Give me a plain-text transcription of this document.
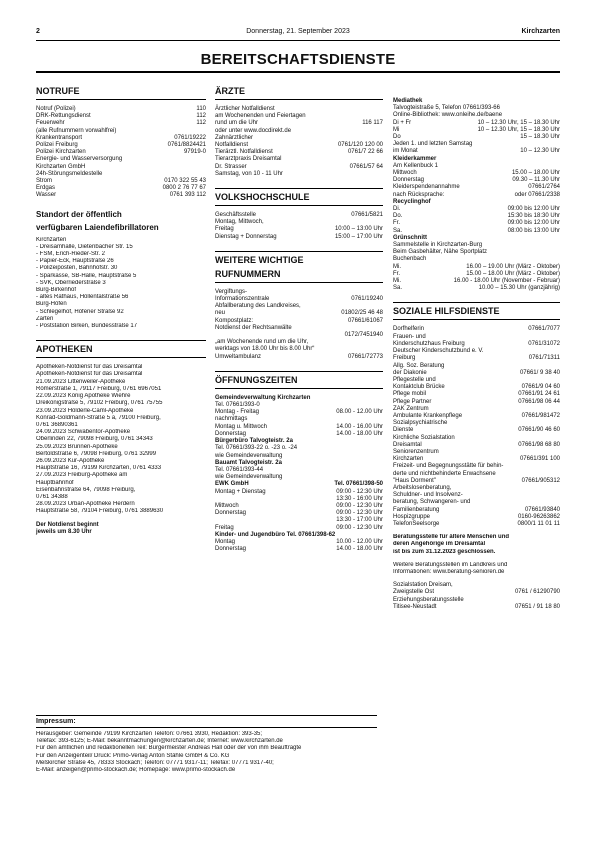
2	Donnerstag, 21. September 2023	Kirchzarten
BEREITSCHAFTSDIENSTE
NOTRUFE
Notruf (Polizei)	110
DRK-Rettungsdienst	112
Feuerwehr	112
(alle Rufnummern vorwahlfrei)
Krankentransport	0761/19222
Polizei Freiburg	0761/8824421
Polizei Kirchzarten	97919-0
Energie- und Wasserversorgung
Kirchzarten GmbH
24h-Störungsmeldestelle
Strom	0170 322 55 43
Erdgas	0800 2 76 77 67
Wasser	0761 393 112
Standort der öffentlich
verfügbaren Laiendefibrillatoren
Kirchzarten
- Dreisamhalle, Dietenbacher Str. 15
- FSM, Erich-Rieder-Str. 2
- Papier-Eck, Hauptstraße 26
- Polizeiposten, Bahnhofstr. 30
- Sparkasse, SB-Halle, Hauptstraße 5
- SVK, Oberriederstraße 3
Burg-Birkenhof
- altes Rathaus, Höllentalstraße 56
Burg-Höfen
- Schlegelhof, Höfener Straße 92
Zarten
- Poststation Birken, Bundesstraße 17
APOTHEKEN
Apotheken-Notdienst für das Dreisamtal
Apotheken-Notdienst für das Dreisamtal
21.09.2023 Littenweiler-Apotheke
Römerstraße 1, 79117 Freiburg, 0761 6967051
22.09.2023 König Apotheke Wiehre
Dreikönigstraße 5, 79102 Freiburg, 0761 75755
23.09.2023 Hölderle-Caml-Apotheke
Konrad-Goldmann-Straße 5 a, 79100 Freiburg,
0761 36890361
24.09.2023 Schwabentor-Apotheke
Oberlinden 22, 79098 Freiburg, 0761 34343
25.09.2023 Brunnen-Apotheke
Bertoldstraße 6, 79098 Freiburg, 0761 32999
26.09.2023 Kur-Apotheke
Hauptstraße 16, 79199 Kirchzarten, 0761 4333
27.09.2023 Freiburg-Apotheke am
Hauptbahnhof
Eisenbahnstraße 64, 79098 Freiburg,
0761 34388
28.09.2023 Urban-Apotheke Herdern
Hauptstraße 58, 79104 Freiburg, 0761 3889630
Der Notdienst beginnt
jeweils um 8.30 Uhr
ÄRZTE
Ärztlicher Notfalldienst
am Wochenenden und Feiertagen
rund um die Uhr	116 117
oder unter www.docdirekt.de
Zahnärztlicher
Notfalldienst	0761/120 120 00
Tierärztl. Notfalldienst	0761/7 22 66
Tierarztpraxis Dreisamtal
Dr. Strasser	07661/57 64
Samstag, von 10 - 11 Uhr
VOLKSHOCHSCHULE
Geschäftsstelle	07661/5821
Montag, Mittwoch,
Freitag	10:00 – 13:00 Uhr
Dienstag + Donnerstag	15:00 – 17:00 Uhr
WEITERE WICHTIGE
RUFNUMMERN
Vergiftungs-
Informationszentrale	0761/19240
Abfallberatung des Landkreises,
neu	01802/25 46 48
Kompostplatz:	07661/61067
Notdienst der Rechtsanwälte
0172/7451940
„am Wochenende rund um die Uhr,
werktags von 18.00 Uhr bis 8.00 Uhr“
Umweltambulanz	07661/72773
ÖFFNUNGSZEITEN
Gemeindeverwaltung Kirchzarten
Tel. 07661/393-0
Montag - Freitag	08.00 - 12.00 Uhr
nachmittags
Montag u. Mittwoch	14.00 - 16.00 Uhr
Donnerstag	14.00 - 18.00 Uhr
Bürgerbüro Talvogteistr. 2a
Tel. 07661/393-22 o. -23 o. -24
wie Gemeindeverwaltung
Bauamt Talvogteistr. 2a
Tel. 07661/393-44
wie Gemeindeverwaltung
EWK GmbH	Tel. 07661/398-50
Montag + Dienstag	09:00 - 12:30 Uhr
13:30 - 16:00 Uhr
Mittwoch	09:00 - 12:30 Uhr
Donnerstag	09:00 - 12:30 Uhr
13:30 - 17:00 Uhr
Freitag	09:00 - 12:30 Uhr
Kinder- und Jugendbüro Tel. 07661/398-62
Montag	10.00 - 12.00 Uhr
Donnerstag	14.00 - 18.00 Uhr
Mediathek
Talvogteistraße 5, Telefon 07661/393-66
Online-Bibliothek: www.onleihe.de/baene
Di + Fr	10 – 12.30 Uhr, 15 – 18.30 Uhr
Mi	10 – 12.30 Uhr, 15 – 18.30 Uhr
Do	15 – 18.30 Uhr
Jeden 1. und letzten Samstag
im Monat	10 – 12.30 Uhr
Kleiderkammer
Am Kellenbuck 1
Mittwoch	15.00 – 18.00 Uhr
Donnerstag	09.30 – 11.30 Uhr
Kleiderspendenannahme	07661/2764
nach Rücksprache:	oder 07661/2338
Recyclinghof
Di.	09:00 bis 12:00 Uhr
Do.	15:30 bis 18:30 Uhr
Fr.	09:00 bis 12:00 Uhr
Sa.	08:00 bis 13:00 Uhr
Grünschnitt
Sammelstelle in Kirchzarten-Burg
Beim Gasbehälter, Nähe Sportplatz
Buchenbach
Mi.	16.00 – 19.00 Uhr (März - Oktober)
Fr.	15.00 – 18.00 Uhr (März - Oktober)
Mi.	16.00 - 18.00 Uhr (November - Februar)
Sa.	10.00 – 15.30 Uhr (ganzjährig)
SOZIALE HILFSDIENSTE
Dorfhelferin	07661/7077
Frauen- und
Kinderschutzhaus Freiburg	0761/31072
Deutscher Kinderschutzbund e. V.
Freiburg	0761/71311
Allg. Soz. Beratung
der Diakonie	07661/ 9 38 40
Pflegestelle und
Kontaktclub Brücke	07661/9 04 60
Pflege mobil	07661/91 24 61
Pflege Partner	07661/98 06 44
ZAK Zentrum
Ambulante Krankenpflege	07661/981472
Sozialpsychiatrische
Dienste	07661/90 46 60
Kirchliche Sozialstation
Dreisamtal	07661/98 68 80
Seniorenzentrum
Kirchzarten	07661/391 100
Freizeit- und Begegnungsstätte für behin-
derte und nichtbehinderte Erwachsene
"Haus Dorment"	07661/905312
Arbeitslosenberatung,
Schuldner- und Insolvenz-
beratung, Schwangeren- und
Familienberatung	07661/93840
Hospizgruppe	0160-96263862
TelefonSeelsorge	0800/1 11 01 11
Beratungsstelle für ältere Menschen und
deren Angehörige im Dreisamtal
ist bis zum 31.12.2023 geschlossen.
Weitere Beratungsstellen im Landkreis und
Informationen: www.beratung-senioren.de
Sozialstation Dreisam,
Zweigstelle Ost	0761 / 61290790
Erziehungsberatungsstelle
Titisee-Neustadt	07651 / 91 18 80
Impressum:
Herausgeber: Gemeinde 79199 Kirchzarten Telefon: 07661 3930, Redaktion: 393-35;
Telefax: 393-6125; E-Mail: bekanntmachungen@kirchzarten.de; Internet: www.kirchzarten.de
Für den amtlichen und redaktionellen Teil: Bürgermeister Andreas Hall oder der von ihm Beauftragte
Für den Anzeigenteil/ Druck: Primo-Verlag Anton Stähle GmbH & Co. KG
Meßkircher Straße 45, 78333 Stockach; Telefon: 07771 9317-11; Telefax: 07771 9317-40;
E-Mail: anzeigen@primo-stockach.de; Homepage: www.primo-stockach.de
